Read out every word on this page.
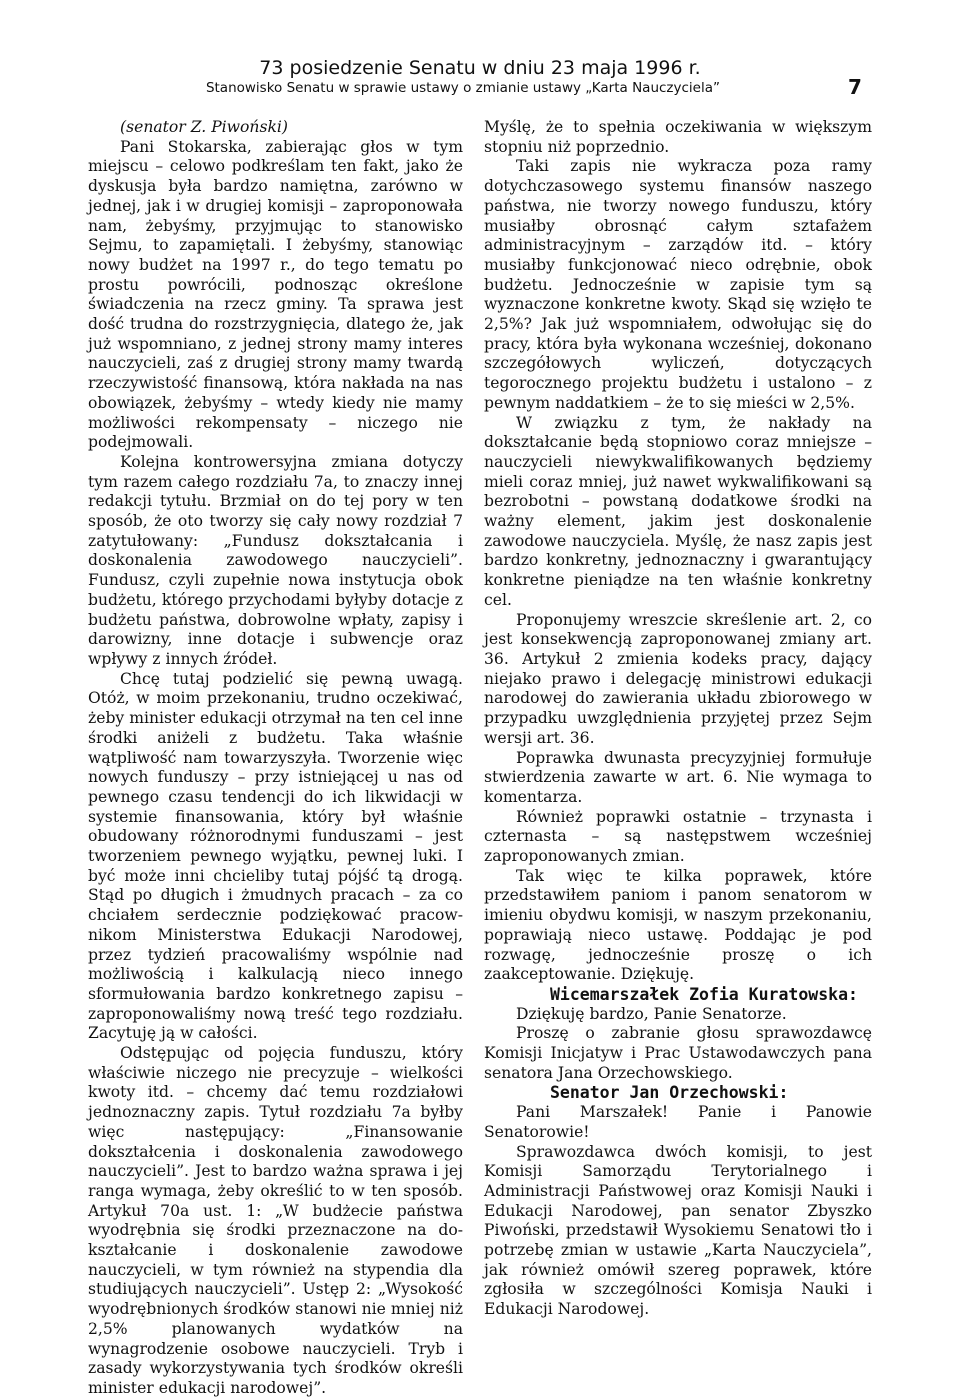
73 posiedzenie Senatu w dniu 23 maja 1996 r.
Stanowisko Senatu w sprawie ustawy o zmianie ustawy „Karta Nauczyciela”	7

(senator Z. Piwoński)

Pani Stokarska, zabierając głos w tym miejscu – celowo podkreślam ten fakt, jako że dyskusja była bardzo namiętna, zarówno w jednej, jak i w drugiej komisji – zaproponowała nam, żebyśmy, przyjmując to stanowisko Sejmu, to zapamiętali. I żebyśmy, stanowiąc nowy budżet na 1997 r., do tego tematu po prostu powrócili, podnosząc określone świadczenia na rzecz gminy. Ta sprawa jest dość trudna do rozstrzygnięcia, dlatego że, jak już wspomniano, z jednej strony mamy interes nauczycieli, zaś z drugiej strony mamy twardą rzeczywistość finansową, która nakłada na nas obowiązek, żebyśmy – wtedy kiedy nie mamy możliwości rekompensaty – niczego nie podejmowali.

Kolejna kontrowersyjna zmiana dotyczy tym razem całego rozdziału 7a, to znaczy innej redakcji tytułu. Brzmiał on do tej pory w ten sposób, że oto tworzy się cały nowy rozdział 7 zatytułowany: „Fundusz dokształcania i doskonalenia zawodowego nauczycieli”. Fundusz, czyli zupełnie nowa instytucja obok budżetu, którego przychodami byłyby dotacje z budżetu państwa, dobrowolne wpłaty, zapisy i darowizny, inne dotacje i subwencje oraz wpływy z innych źródeł.

Chcę tutaj podzielić się pewną uwagą. Otóż, w moim przekonaniu, trudno oczekiwać, żeby minister edukacji otrzymał na ten cel inne środki aniżeli z budżetu. Taka właśnie wątpliwość nam towarzyszyła. Tworzenie więc nowych funduszy – przy istniejącej u nas od pewnego czasu tendencji do ich likwidacji w systemie finansowania, który był właśnie obudowany różnorodnymi funduszami – jest tworzeniem pewnego wyjątku, pewnej luki. I być może inni chcieliby tutaj pójść tą drogą. Stąd po długich i żmudnych pracach – za co chciałem serdecznie podziękować pracownikom Ministerstwa Edukacji Narodowej, przez tydzień pracowaliśmy wspólnie nad możliwością i kalkulacją nieco innego sformułowania bardzo konkretnego zapisu – zaproponowaliśmy nową treść tego rozdziału. Zacytuję ją w całości.

Odstępując od pojęcia funduszu, który właściwie niczego nie precyzuje – wielkości kwoty itd. – chcemy dać temu rozdziałowi jednoznaczny zapis. Tytuł rozdziału 7a byłby więc następujący: „Finansowanie dokształcenia i doskonalenia zawodowego nauczycieli”. Jest to bardzo ważna sprawa i jej ranga wymaga, żeby określić to w ten sposób. Artykuł 70a ust. 1: „W budżecie państwa wyodrębnia się środki przeznaczone na dokształcanie i doskonalenie zawodowe nauczycieli, w tym również na stypendia dla studiujących nauczycieli”. Ustęp 2: „Wysokość wyodrębnionych środków stanowi nie mniej niż 2,5% planowanych wydatków na wynagrodzenie osobowe nauczycieli. Tryb i zasady wykorzystywania tych środków określi minister edukacji narodowej”.

Myślę, że to spełnia oczekiwania w większym stopniu niż poprzednio.

Taki zapis nie wykracza poza ramy dotychczasowego systemu finansów naszego państwa, nie tworzy nowego funduszu, który musiałby obrosnąć całym sztafażem administracyjnym – zarządów itd. – który musiałby funkcjonować nieco odrębnie, obok budżetu. Jednocześnie w zapisie tym są wyznaczone konkretne kwoty. Skąd się wzięło te 2,5%? Jak już wspomniałem, odwołując się do pracy, która była wykonana wcześniej, dokonano szczegółowych wyliczeń, dotyczących tegorocznego projektu budżetu i ustalono – z pewnym naddatkiem – że to się mieści w 2,5%.

W związku z tym, że nakłady na dokształcanie będą stopniowo coraz mniejsze – nauczycieli niewykwalifikowanych będziemy mieli coraz mniej, już nawet wykwalifikowani są bezrobotni – powstaną dodatkowe środki na ważny element, jakim jest doskonalenie zawodowe nauczyciela. Myślę, że nasz zapis jest bardzo konkretny, jednoznaczny i gwarantujący konkretne pieniądze na ten właśnie konkretny cel.

Proponujemy wreszcie skreślenie art. 2, co jest konsekwencją zaproponowanej zmiany art. 36. Artykuł 2 zmienia kodeks pracy, dający niejako prawo i delegację ministrowi edukacji narodowej do zawierania układu zbiorowego w przypadku uwzględnienia przyjętej przez Sejm wersji art. 36.

Poprawka dwunasta precyzyjniej formułuje stwierdzenia zawarte w art. 6. Nie wymaga to komentarza.

Również poprawki ostatnie – trzynasta i czternasta – są następstwem wcześniej zaproponowanych zmian.

Tak więc te kilka poprawek, które przedstawiłem paniom i panom senatorom w imieniu obydwu komisji, w naszym przekonaniu, poprawiają nieco ustawę. Poddając je pod rozwagę, jednocześnie proszę o ich zaakceptowanie. Dziękuję.

Wicemarszałek Zofia Kuratowska:

Dziękuję bardzo, Panie Senatorze.

Proszę o zabranie głosu sprawozdawcę Komisji Inicjatyw i Prac Ustawodawczych pana senatora Jana Orzechowskiego.

Senator Jan Orzechowski:

Pani Marszałek! Panie i Panowie Senatorowie!

Sprawozdawca dwóch komisji, to jest Komisji Samorządu Terytorialnego i Administracji Państwowej oraz Komisji Nauki i Edukacji Narodowej, pan senator Zbyszko Piwoński, przedstawił Wysokiemu Senatowi tło i potrzebę zmian w ustawie „Karta Nauczyciela”, jak również omówił szereg poprawek, które zgłosiła w szczególności Komisja Nauki i Edukacji Narodowej.
